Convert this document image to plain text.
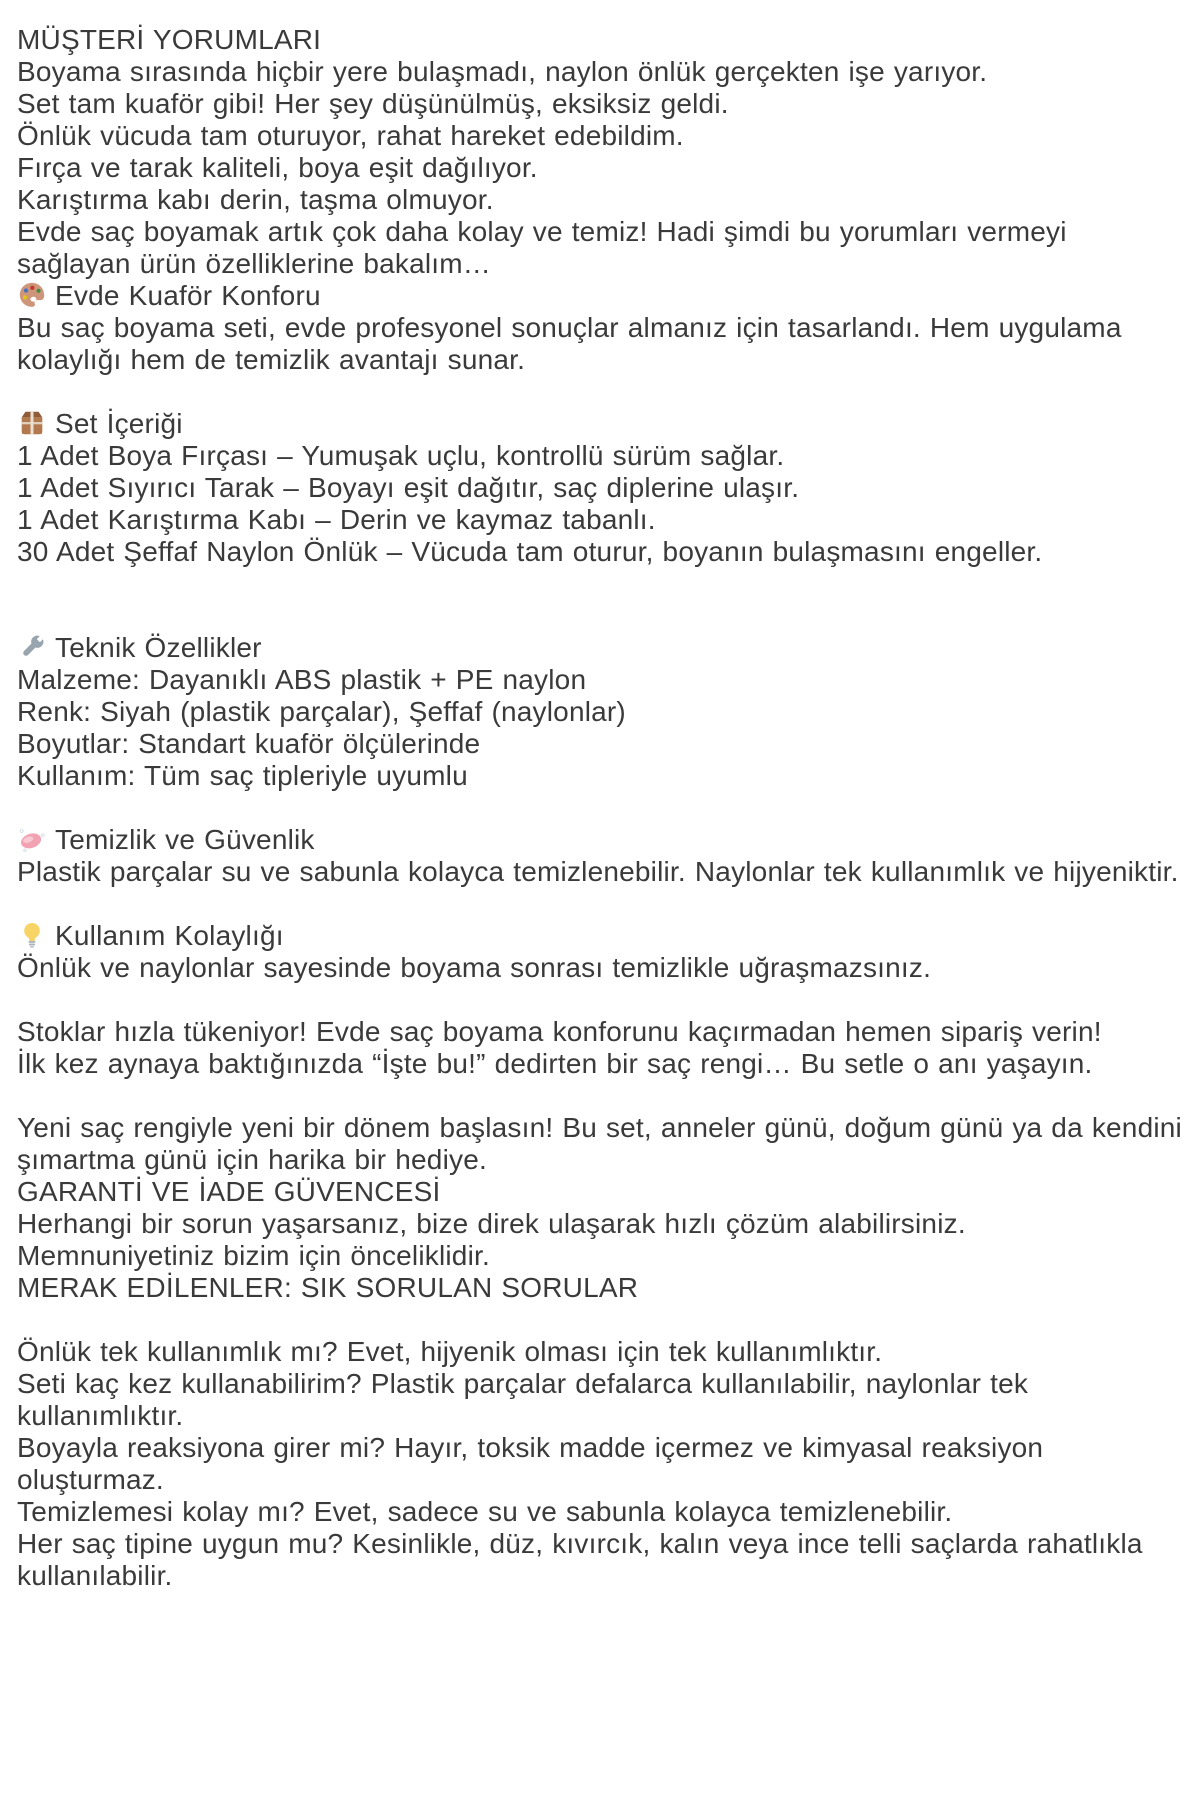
MÜŞTERİ YORUMLARI

Boyama sırasında hiçbir yere bulaşmadı, naylon önlük gerçekten işe yarıyor.

Set tam kuaför gibi! Her şey düşünülmüş, eksiksiz geldi.

Önlük vücuda tam oturuyor, rahat hareket edebildim.

Fırça ve tarak kaliteli, boya eşit dağılıyor.

Karıştırma kabı derin, taşma olmuyor.

Evde saç boyamak artık çok daha kolay ve temiz! Hadi şimdi bu yorumları vermeyi sağlayan ürün özelliklerine bakalım…

Evde Kuaför Konforu

Bu saç boyama seti, evde profesyonel sonuçlar almanız için tasarlandı. Hem uygulama kolaylığı hem de temizlik avantajı sunar.

Set İçeriği

1 Adet Boya Fırçası – Yumuşak uçlu, kontrollü sürüm sağlar.

1 Adet Sıyırıcı Tarak – Boyayı eşit dağıtır, saç diplerine ulaşır.

1 Adet Karıştırma Kabı – Derin ve kaymaz tabanlı.

30 Adet Şeffaf Naylon Önlük – Vücuda tam oturur, boyanın bulaşmasını engeller.

Teknik Özellikler

Malzeme: Dayanıklı ABS plastik + PE naylon

Renk: Siyah (plastik parçalar), Şeffaf (naylonlar)

Boyutlar: Standart kuaför ölçülerinde

Kullanım: Tüm saç tipleriyle uyumlu

Temizlik ve Güvenlik

Plastik parçalar su ve sabunla kolayca temizlenebilir. Naylonlar tek kullanımlık ve hijyeniktir.

Kullanım Kolaylığı

Önlük ve naylonlar sayesinde boyama sonrası temizlikle uğraşmazsınız.

Stoklar hızla tükeniyor! Evde saç boyama konforunu kaçırmadan hemen sipariş verin!

İlk kez aynaya baktığınızda “İşte bu!” dedirten bir saç rengi… Bu setle o anı yaşayın.

Yeni saç rengiyle yeni bir dönem başlasın! Bu set, anneler günü, doğum günü ya da kendini şımartma günü için harika bir hediye.

GARANTİ VE İADE GÜVENCESİ

Herhangi bir sorun yaşarsanız, bize direk ulaşarak hızlı çözüm alabilirsiniz.

Memnuniyetiniz bizim için önceliklidir.

MERAK EDİLENLER: SIK SORULAN SORULAR

Önlük tek kullanımlık mı? Evet, hijyenik olması için tek kullanımlıktır.

Seti kaç kez kullanabilirim? Plastik parçalar defalarca kullanılabilir, naylonlar tek kullanımlıktır.

Boyayla reaksiyona girer mi? Hayır, toksik madde içermez ve kimyasal reaksiyon oluşturmaz.

Temizlemesi kolay mı? Evet, sadece su ve sabunla kolayca temizlenebilir.

Her saç tipine uygun mu? Kesinlikle, düz, kıvırcık, kalın veya ince telli saçlarda rahatlıkla kullanılabilir.
